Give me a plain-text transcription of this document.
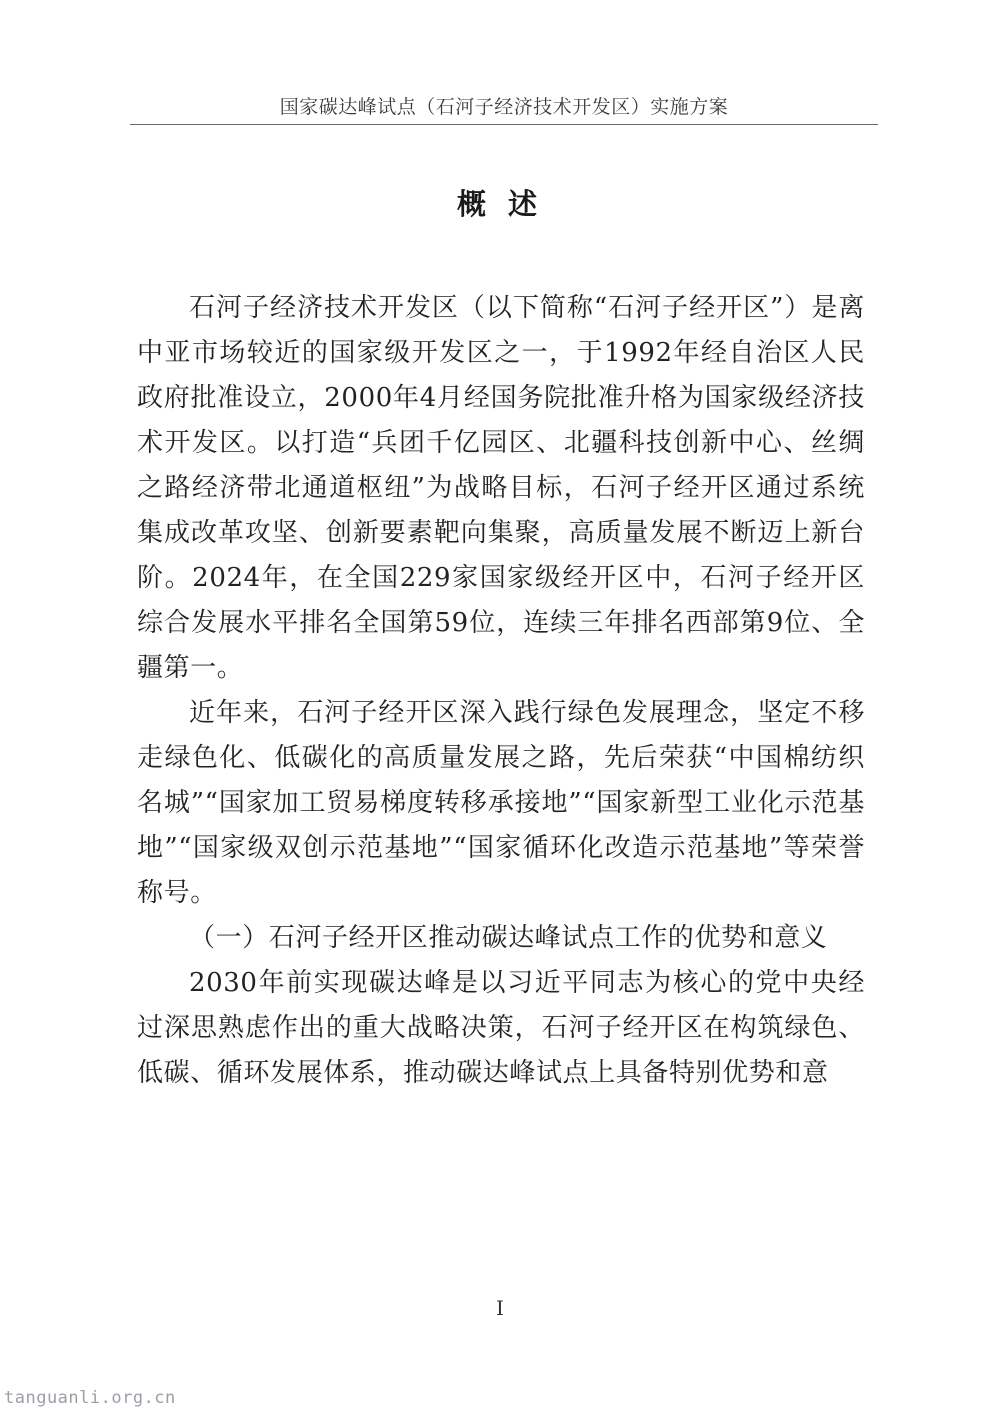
国家碳达峰试点（石河子经济技术开发区）实施方案
概 述

石河子经济技术开发区（以下简称“石河子经开区”）是离中亚市场较近的国家级开发区之一，于1992年经自治区人民政府批准设立，2000年4月经国务院批准升格为国家级经济技术开发区。以打造“兵团千亿园区、北疆科技创新中心、丝绸之路经济带北通道枢纽”为战略目标，石河子经开区通过系统集成改革攻坚、创新要素靶向集聚，高质量发展不断迈上新台阶。2024年，在全国229家国家级经开区中，石河子经开区综合发展水平排名全国第59位，连续三年排名西部第9位、全疆第一。

近年来，石河子经开区深入践行绿色发展理念，坚定不移走绿色化、低碳化的高质量发展之路，先后荣获“中国棉纺织名城”“国家加工贸易梯度转移承接地”“国家新型工业化示范基地”“国家级双创示范基地”“国家循环化改造示范基地”等荣誉称号。

（一）石河子经开区推动碳达峰试点工作的优势和意义

2030年前实现碳达峰是以习近平同志为核心的党中央经过深思熟虑作出的重大战略决策，石河子经开区在构筑绿色、低碳、循环发展体系，推动碳达峰试点上具备特别优势和意

I
tanguanli.org.cn
